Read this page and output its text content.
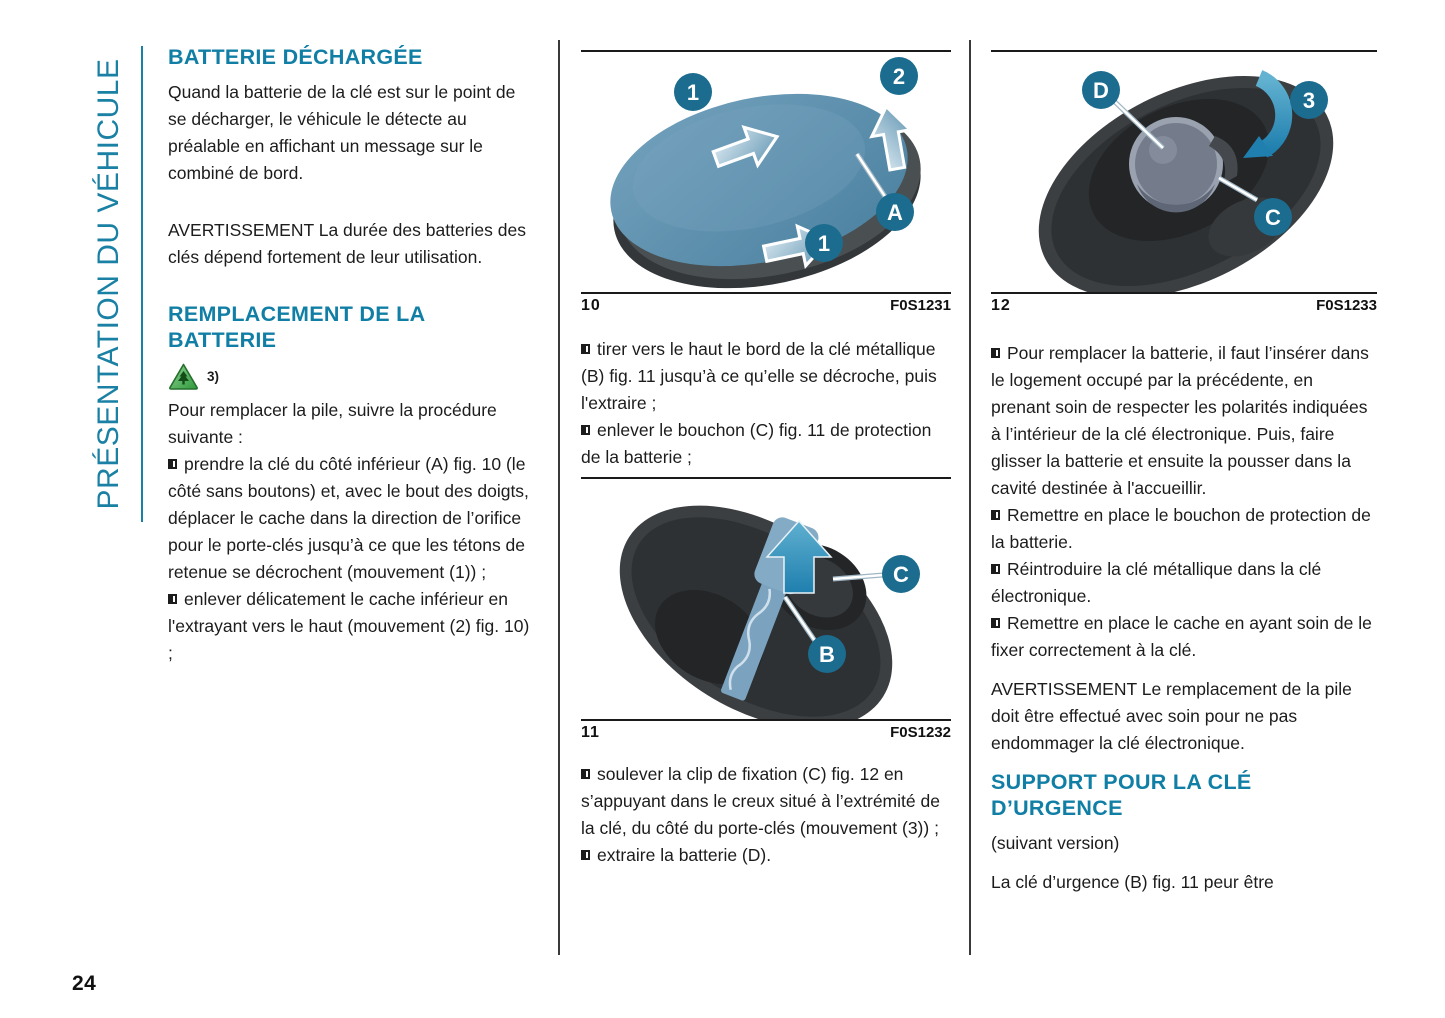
PRÉSENTATION DU VÉHICULE
24
BATTERIE DÉCHARGÉE

Quand la batterie de la clé est sur le point de se décharger, le véhicule le détecte au préalable en affichant un message sur le combiné de bord.

AVERTISSEMENT La durée des batteries des clés dépend fortement de leur utilisation.

REMPLACEMENT DE LA
BATTERIE
3)

Pour remplacer la pile, suivre la procédure suivante :

prendre la clé du côté inférieur (A) fig. 10 (le côté sans boutons) et, avec le bout des doigts, déplacer le cache dans la direction de l’orifice pour le porte-clés jusqu’à ce que les tétons de retenue se décrochent (mouvement (1)) ;

enlever délicatement le cache inférieur en l'extrayant vers le haut (mouvement (2) fig. 10) ;

1
2
A
1
10	F0S1231

tirer vers le haut le bord de la clé métallique (B) fig. 11 jusqu’à ce qu’elle se décroche, puis l'extraire ;

enlever le bouchon (C) fig. 11 de protection de la batterie ;

C
B
11	F0S1232

soulever la clip de fixation (C) fig. 12 en s’appuyant dans le creux situé à l’extrémité de la clé, du côté du porte-clés (mouvement (3)) ;

extraire la batterie (D).

D	3
C
12	F0S1233

Pour remplacer la batterie, il faut l’insérer dans le logement occupé par la précédente, en prenant soin de respecter les polarités indiquées à l’intérieur de la clé électronique. Puis, faire glisser la batterie et ensuite la pousser dans la cavité destinée à l'accueillir.

Remettre en place le bouchon de protection de la batterie.

Réintroduire la clé métallique dans la clé électronique.

Remettre en place le cache en ayant soin de le fixer correctement à la clé.

AVERTISSEMENT Le remplacement de la pile doit être effectué avec soin pour ne pas endommager la clé électronique.

SUPPORT POUR LA CLÉ
D’URGENCE

(suivant version)

La clé d’urgence (B) fig. 11 peur être
